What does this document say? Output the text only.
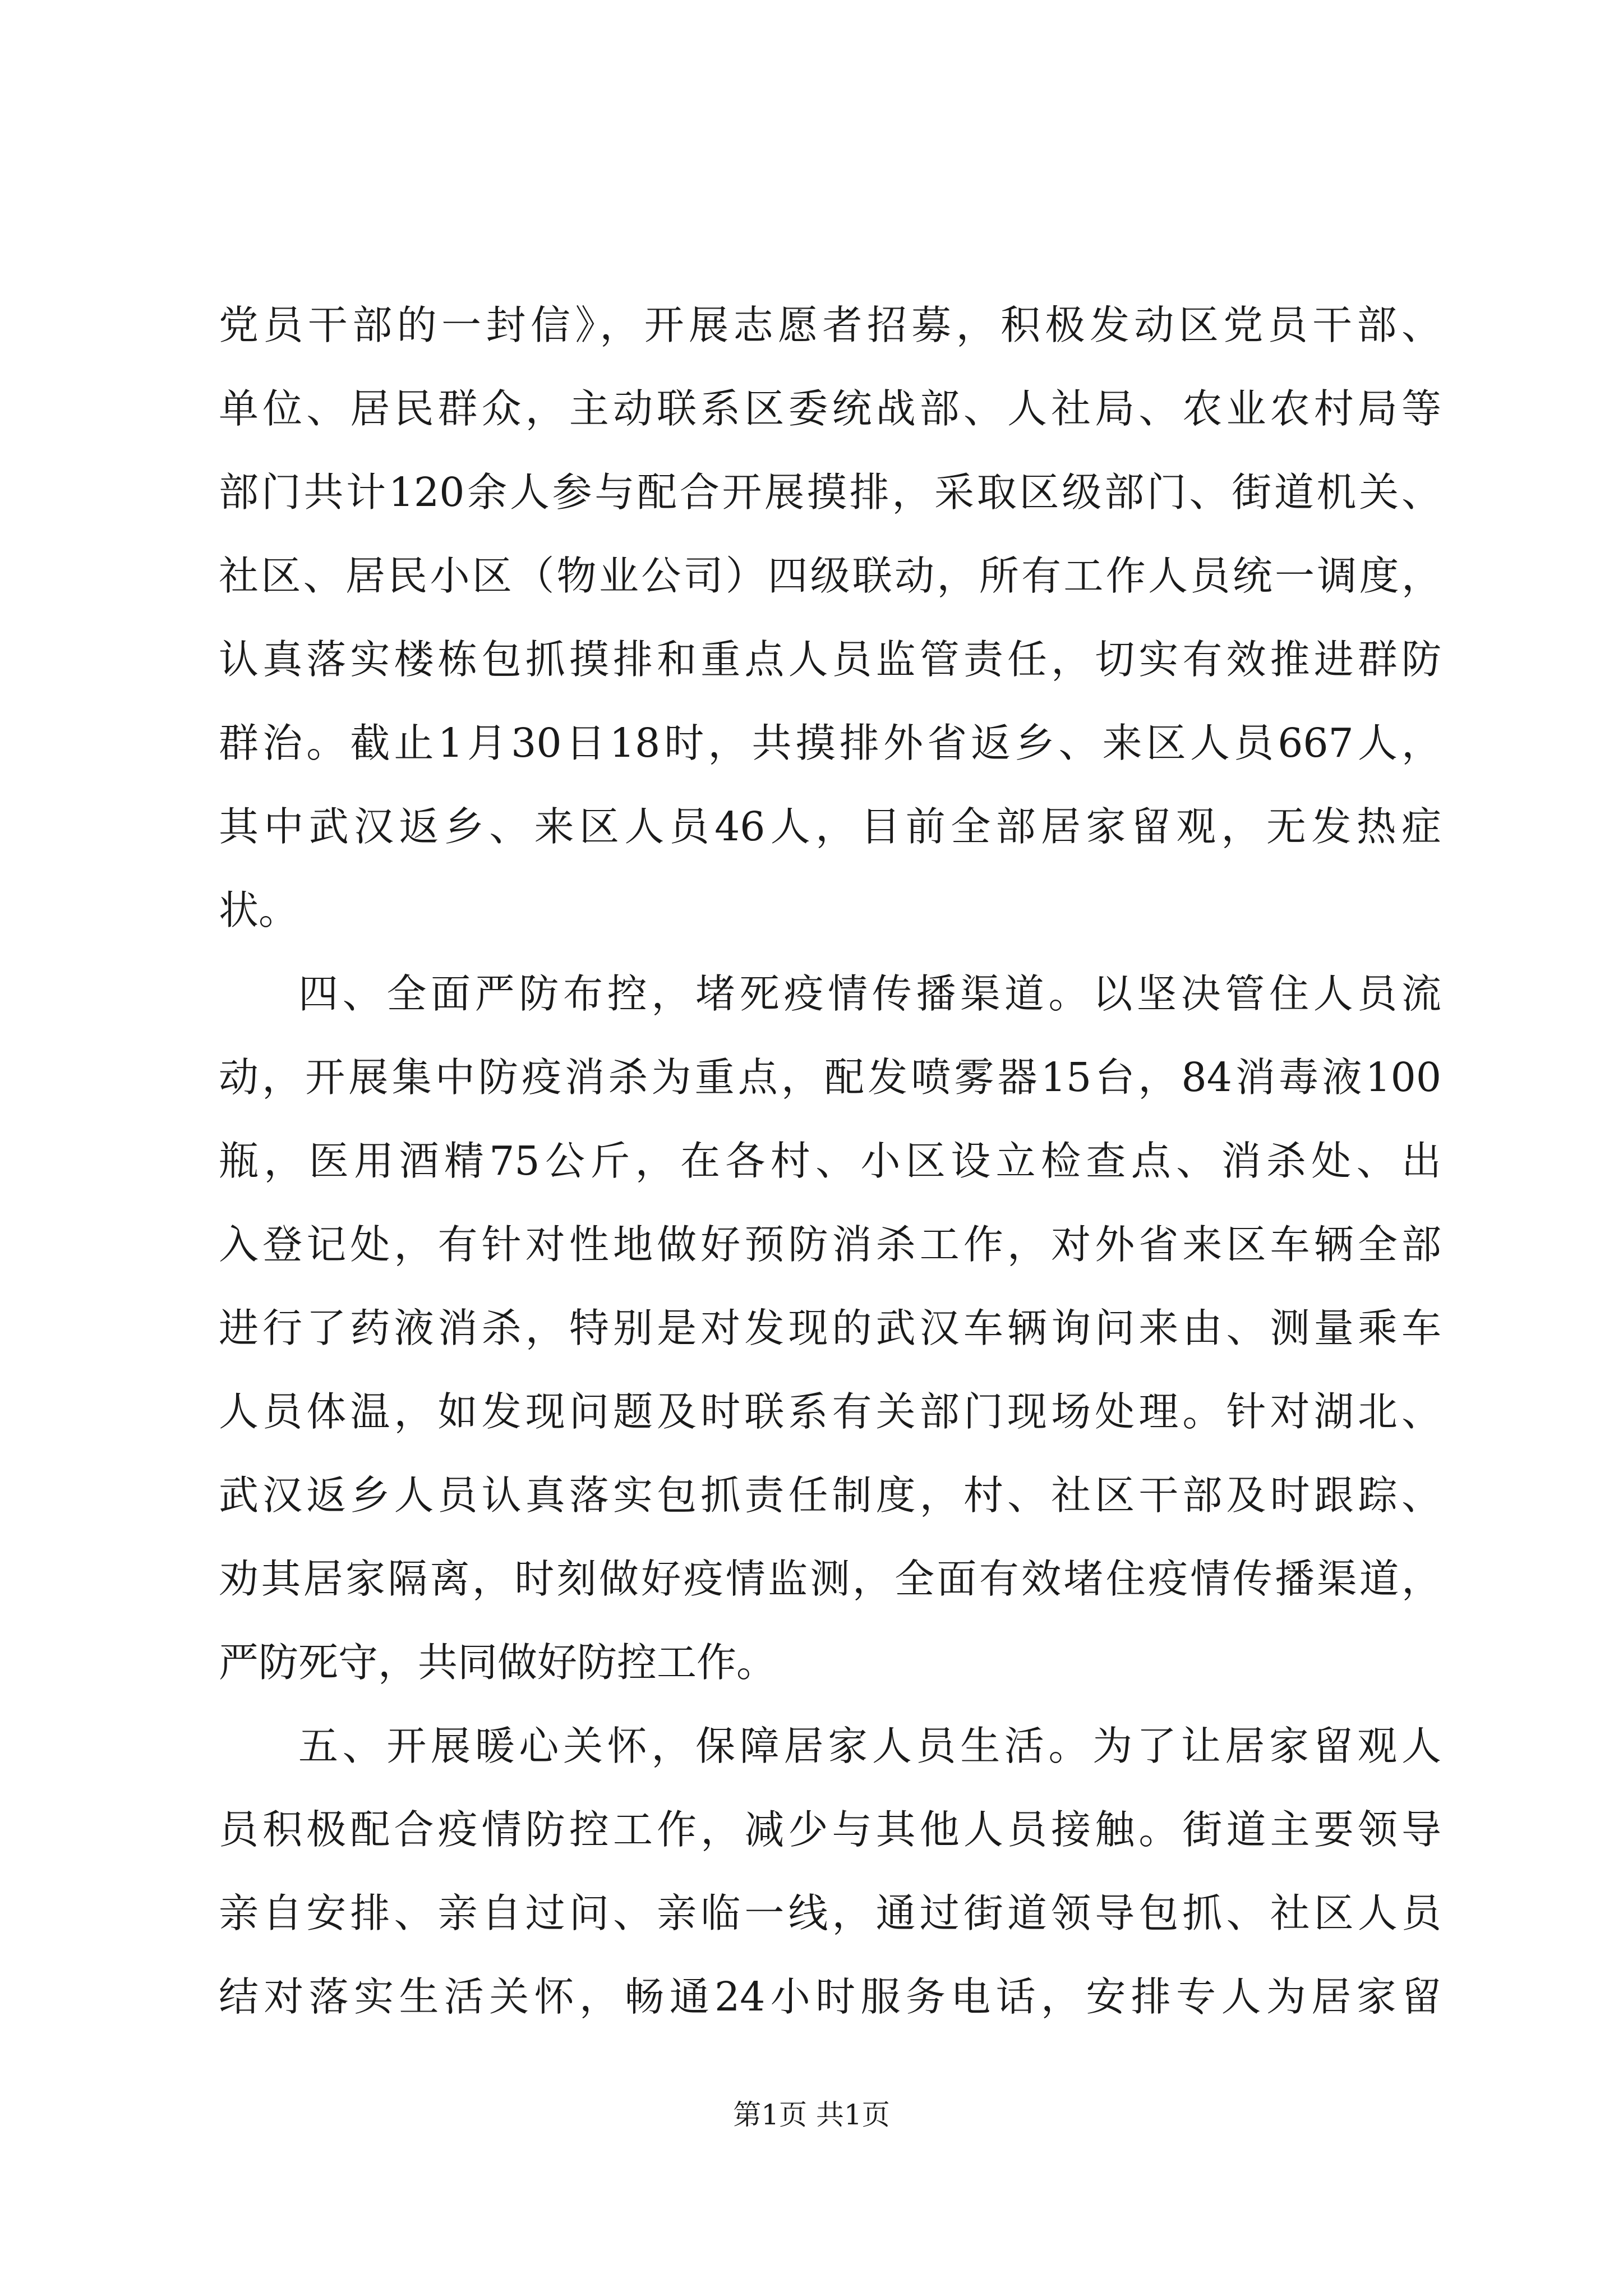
党员干部的一封信》，开展志愿者招募，积极发动区党员干部、
单位、居民群众，主动联系区委统战部、人社局、农业农村局等
部门共计120余人参与配合开展摸排，采取区级部门、街道机关、
社区、居民小区（物业公司）四级联动，所有工作人员统一调度，
认真落实楼栋包抓摸排和重点人员监管责任，切实有效推进群防
群治。截止1月30日18时，共摸排外省返乡、来区人员667人，
其中武汉返乡、来区人员46人，目前全部居家留观，无发热症
状。
四、全面严防布控，堵死疫情传播渠道。以坚决管住人员流
动，开展集中防疫消杀为重点，配发喷雾器15台，84消毒液100
瓶，医用酒精75公斤，在各村、小区设立检查点、消杀处、出
入登记处，有针对性地做好预防消杀工作，对外省来区车辆全部
进行了药液消杀，特别是对发现的武汉车辆询问来由、测量乘车
人员体温，如发现问题及时联系有关部门现场处理。针对湖北、
武汉返乡人员认真落实包抓责任制度，村、社区干部及时跟踪、
劝其居家隔离，时刻做好疫情监测，全面有效堵住疫情传播渠道，
严防死守，共同做好防控工作。
五、开展暖心关怀，保障居家人员生活。为了让居家留观人
员积极配合疫情防控工作，减少与其他人员接触。街道主要领导
亲自安排、亲自过问、亲临一线，通过街道领导包抓、社区人员
结对落实生活关怀，畅通24小时服务电话，安排专人为居家留
第1页 共1页
